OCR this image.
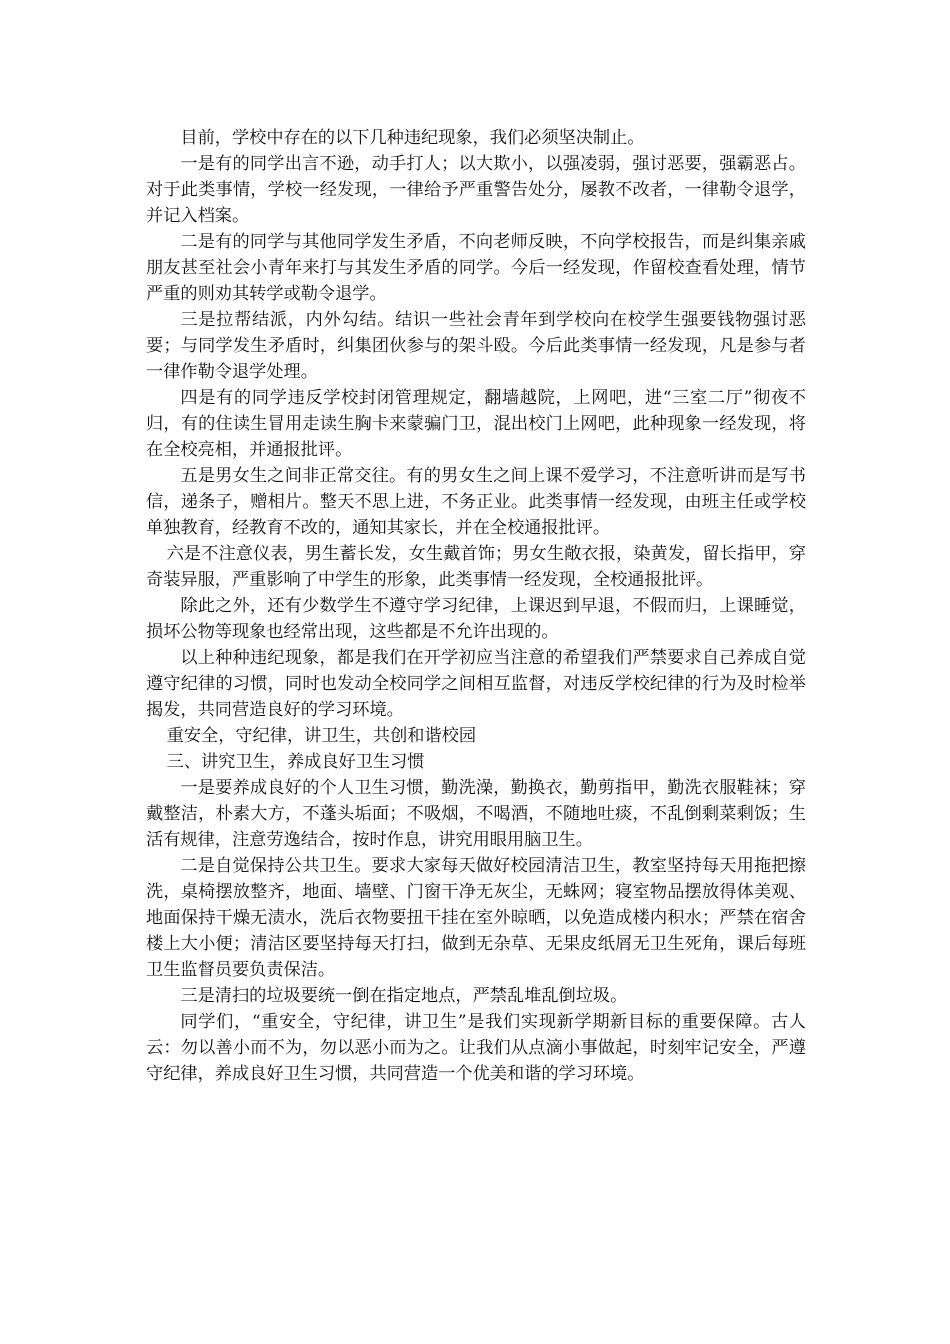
目前，学校中存在的以下几种违纪现象，我们必须坚决制止。

一是有的同学出言不逊，动手打人；以大欺小，以强凌弱，强讨恶要，强霸恶占。对于此类事情，学校一经发现，一律给予严重警告处分，屡教不改者，一律勒令退学，并记入档案。

二是有的同学与其他同学发生矛盾，不向老师反映，不向学校报告，而是纠集亲戚朋友甚至社会小青年来打与其发生矛盾的同学。今后一经发现，作留校查看处理，情节严重的则劝其转学或勒令退学。

三是拉帮结派，内外勾结。结识一些社会青年到学校向在校学生强要钱物强讨恶要；与同学发生矛盾时，纠集团伙参与的架斗殴。今后此类事情一经发现，凡是参与者一律作勒令退学处理。

四是有的同学违反学校封闭管理规定，翻墙越院，上网吧，进“三室二厅”彻夜不归，有的住读生冒用走读生胸卡来蒙骗门卫，混出校门上网吧，此种现象一经发现，将在全校亮相，并通报批评。

五是男女生之间非正常交往。有的男女生之间上课不爱学习，不注意听讲而是写书信，递条子，赠相片。整天不思上进，不务正业。此类事情一经发现，由班主任或学校单独教育，经教育不改的，通知其家长，并在全校通报批评。

六是不注意仪表，男生蓄长发，女生戴首饰；男女生敞衣报，染黄发，留长指甲，穿奇装异服，严重影响了中学生的形象，此类事情一经发现，全校通报批评。

除此之外，还有少数学生不遵守学习纪律，上课迟到早退，不假而归，上课睡觉，损坏公物等现象也经常出现，这些都是不允许出现的。

以上种种违纪现象，都是我们在开学初应当注意的希望我们严禁要求自己养成自觉遵守纪律的习惯，同时也发动全校同学之间相互监督，对违反学校纪律的行为及时检举揭发，共同营造良好的学习环境。

重安全，守纪律，讲卫生，共创和谐校园

三、讲究卫生，养成良好卫生习惯

一是要养成良好的个人卫生习惯，勤洗澡，勤换衣，勤剪指甲，勤洗衣服鞋袜；穿戴整洁，朴素大方，不蓬头垢面；不吸烟，不喝酒，不随地吐痰，不乱倒剩菜剩饭；生活有规律，注意劳逸结合，按时作息，讲究用眼用脑卫生。

二是自觉保持公共卫生。要求大家每天做好校园清洁卫生，教室坚持每天用拖把擦洗，桌椅摆放整齐，地面、墙壁、门窗干净无灰尘，无蛛网；寝室物品摆放得体美观、地面保持干燥无渍水，洗后衣物要扭干挂在室外晾晒，以免造成楼内积水；严禁在宿舍楼上大小便；清洁区要坚持每天打扫，做到无杂草、无果皮纸屑无卫生死角，课后每班卫生监督员要负责保洁。

三是清扫的垃圾要统一倒在指定地点，严禁乱堆乱倒垃圾。

同学们，“重安全，守纪律，讲卫生”是我们实现新学期新目标的重要保障。古人云：勿以善小而不为，勿以恶小而为之。让我们从点滴小事做起，时刻牢记安全，严遵守纪律，养成良好卫生习惯，共同营造一个优美和谐的学习环境。
